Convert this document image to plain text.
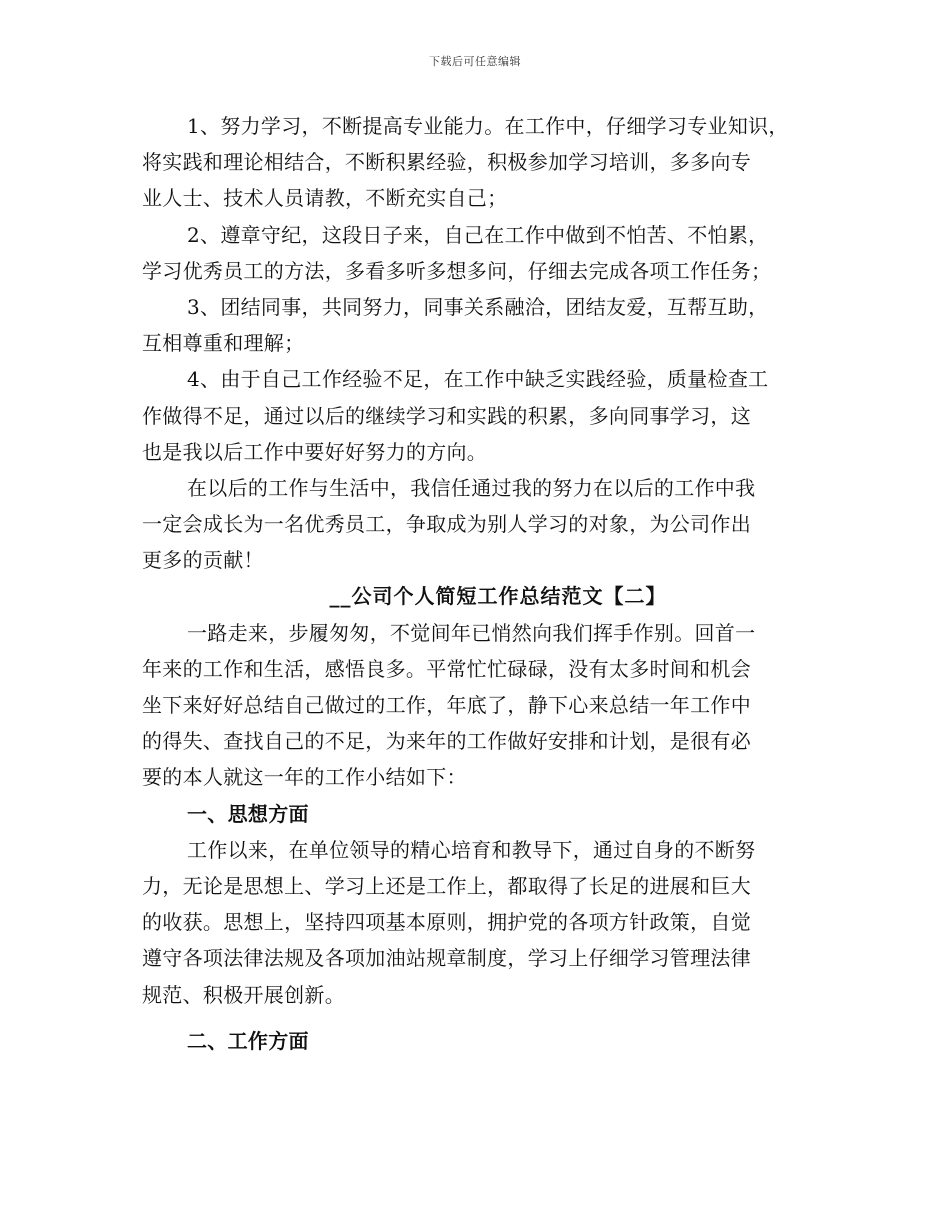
下载后可任意编辑
1、努力学习，不断提高专业能力。在工作中，仔细学习专业知识，
将实践和理论相结合，不断积累经验，积极参加学习培训，多多向专
业人士、技术人员请教，不断充实自己；
2、遵章守纪，这段日子来，自己在工作中做到不怕苦、不怕累，
学习优秀员工的方法，多看多听多想多问，仔细去完成各项工作任务；
3、团结同事，共同努力，同事关系融洽，团结友爱，互帮互助，
互相尊重和理解；
4、由于自己工作经验不足，在工作中缺乏实践经验，质量检查工
作做得不足，通过以后的继续学习和实践的积累，多向同事学习，这
也是我以后工作中要好好努力的方向。
在以后的工作与生活中，我信任通过我的努力在以后的工作中我
一定会成长为一名优秀员工，争取成为别人学习的对象，为公司作出
更多的贡献！
__公司个人简短工作总结范文【二】
一路走来，步履匆匆，不觉间年已悄然向我们挥手作别。回首一
年来的工作和生活，感悟良多。平常忙忙碌碌，没有太多时间和机会
坐下来好好总结自己做过的工作，年底了，静下心来总结一年工作中
的得失、查找自己的不足，为来年的工作做好安排和计划，是很有必
要的本人就这一年的工作小结如下：
一、思想方面
工作以来，在单位领导的精心培育和教导下，通过自身的不断努
力，无论是思想上、学习上还是工作上，都取得了长足的进展和巨大
的收获。思想上，坚持四项基本原则，拥护党的各项方针政策，自觉
遵守各项法律法规及各项加油站规章制度，学习上仔细学习管理法律
规范、积极开展创新。
二、工作方面
